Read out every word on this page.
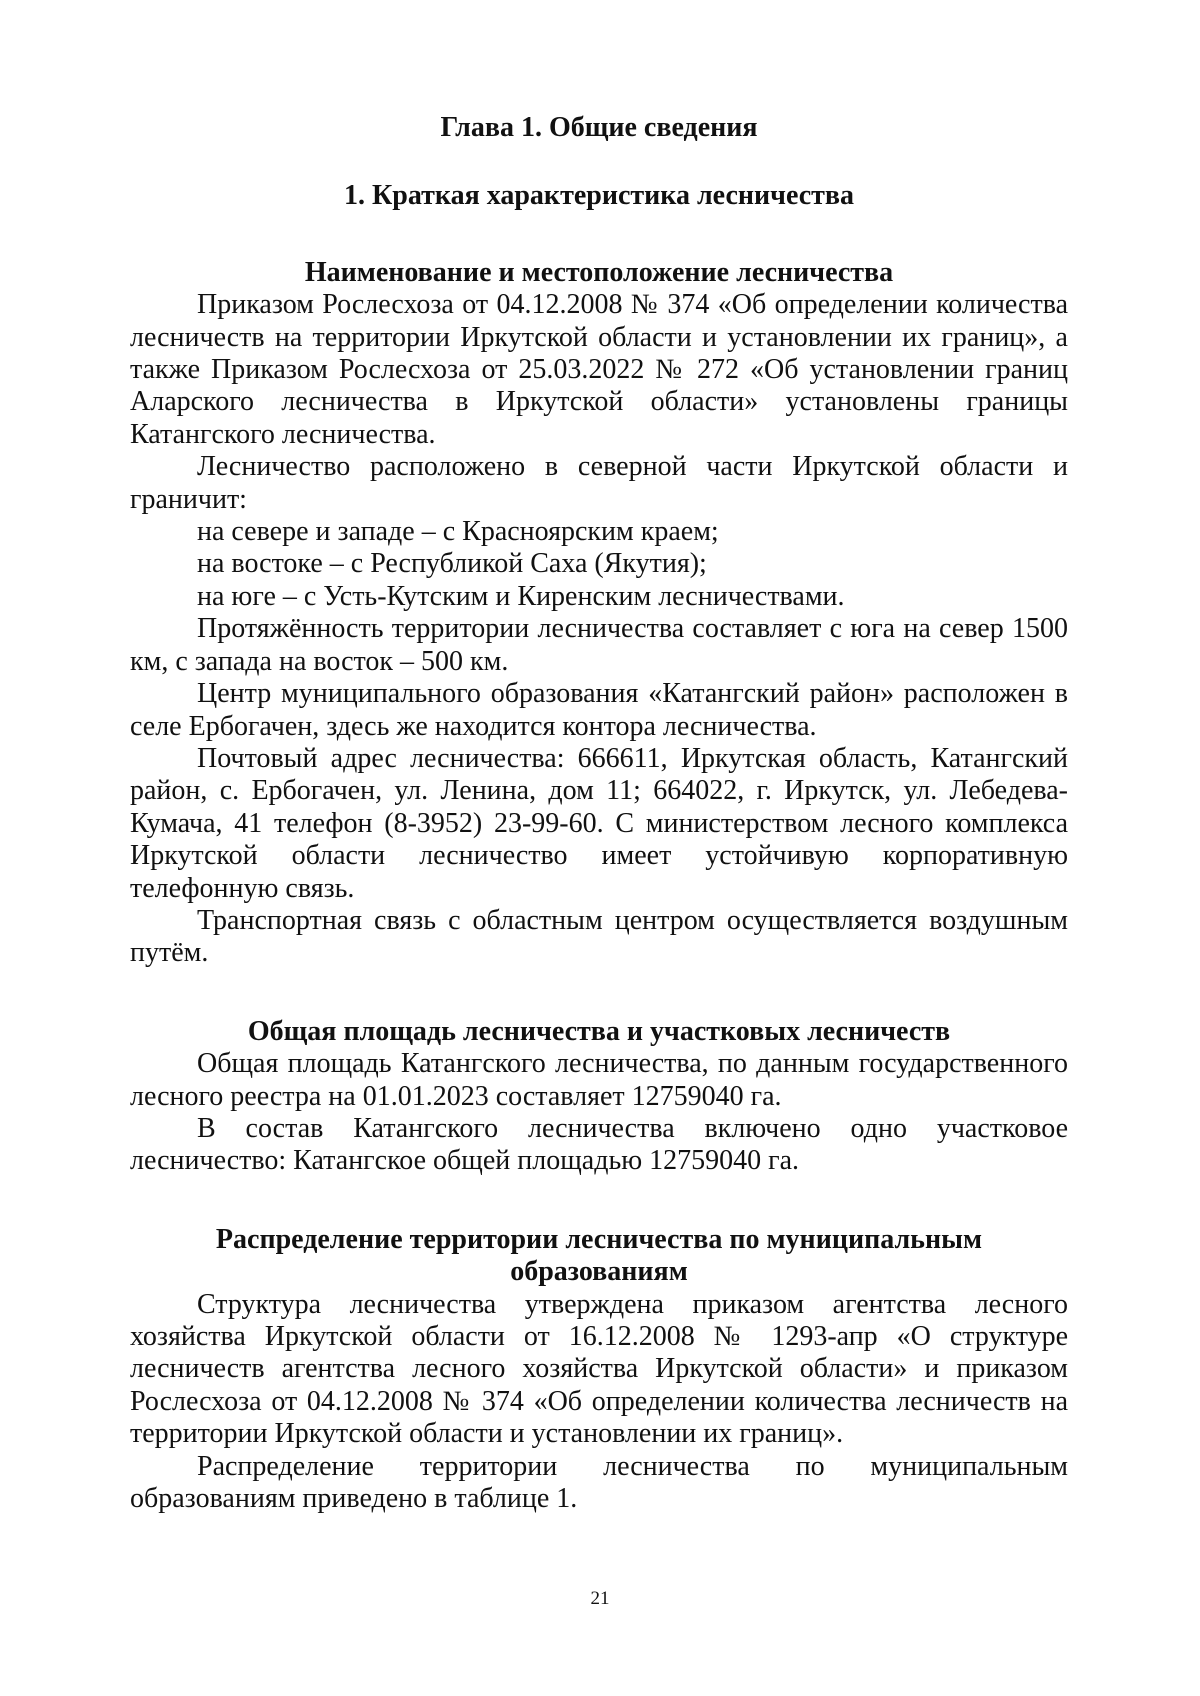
Глава 1. Общие сведения
1. Краткая характеристика лесничества
Наименование и местоположение лесничества

Приказом Рослесхоза от 04.12.2008 № 374 «Об определении количества лесничеств на территории Иркутской области и установлении их границ», а также Приказом Рослесхоза от 25.03.2022 № 272 «Об установлении границ Аларского лесничества в Иркутской области» установлены границы Катангского лесничества.

Лесничество расположено в северной части Иркутской области и граничит:

на севере и западе – с Красноярским краем;

на востоке – с Республикой Саха (Якутия);

на юге – с Усть-Кутским и Киренским лесничествами.

Протяжённость территории лесничества составляет с юга на север 1500 км, с запада на восток – 500 км.

Центр муниципального образования «Катангский район» расположен в селе Ербогачен, здесь же находится контора лесничества.

Почтовый адрес лесничества: 666611, Иркутская область, Катангский район, с. Ербогачен, ул. Ленина, дом 11; 664022, г. Иркутск, ул. Лебедева-Кумача, 41 телефон (8-3952) 23-99-60. С министерством лесного комплекса Иркутской области лесничество имеет устойчивую корпоративную телефонную связь.

Транспортная связь с областным центром осуществляется воздушным путём.

Общая площадь лесничества и участковых лесничеств

Общая площадь Катангского лесничества, по данным государственного лесного реестра на 01.01.2023 составляет 12759040 га.

В состав Катангского лесничества включено одно участковое лесничество: Катангское общей площадью 12759040 га.

Распределение территории лесничества по муниципальным
образованиям

Структура лесничества утверждена приказом агентства лесного хозяйства Иркутской области от 16.12.2008 № 1293-апр «О структуре лесничеств агентства лесного хозяйства Иркутской области» и приказом Рослесхоза от 04.12.2008 № 374 «Об определении количества лесничеств на территории Иркутской области и установлении их границ».

Распределение территории лесничества по муниципальным образованиям приведено в таблице 1.

21
